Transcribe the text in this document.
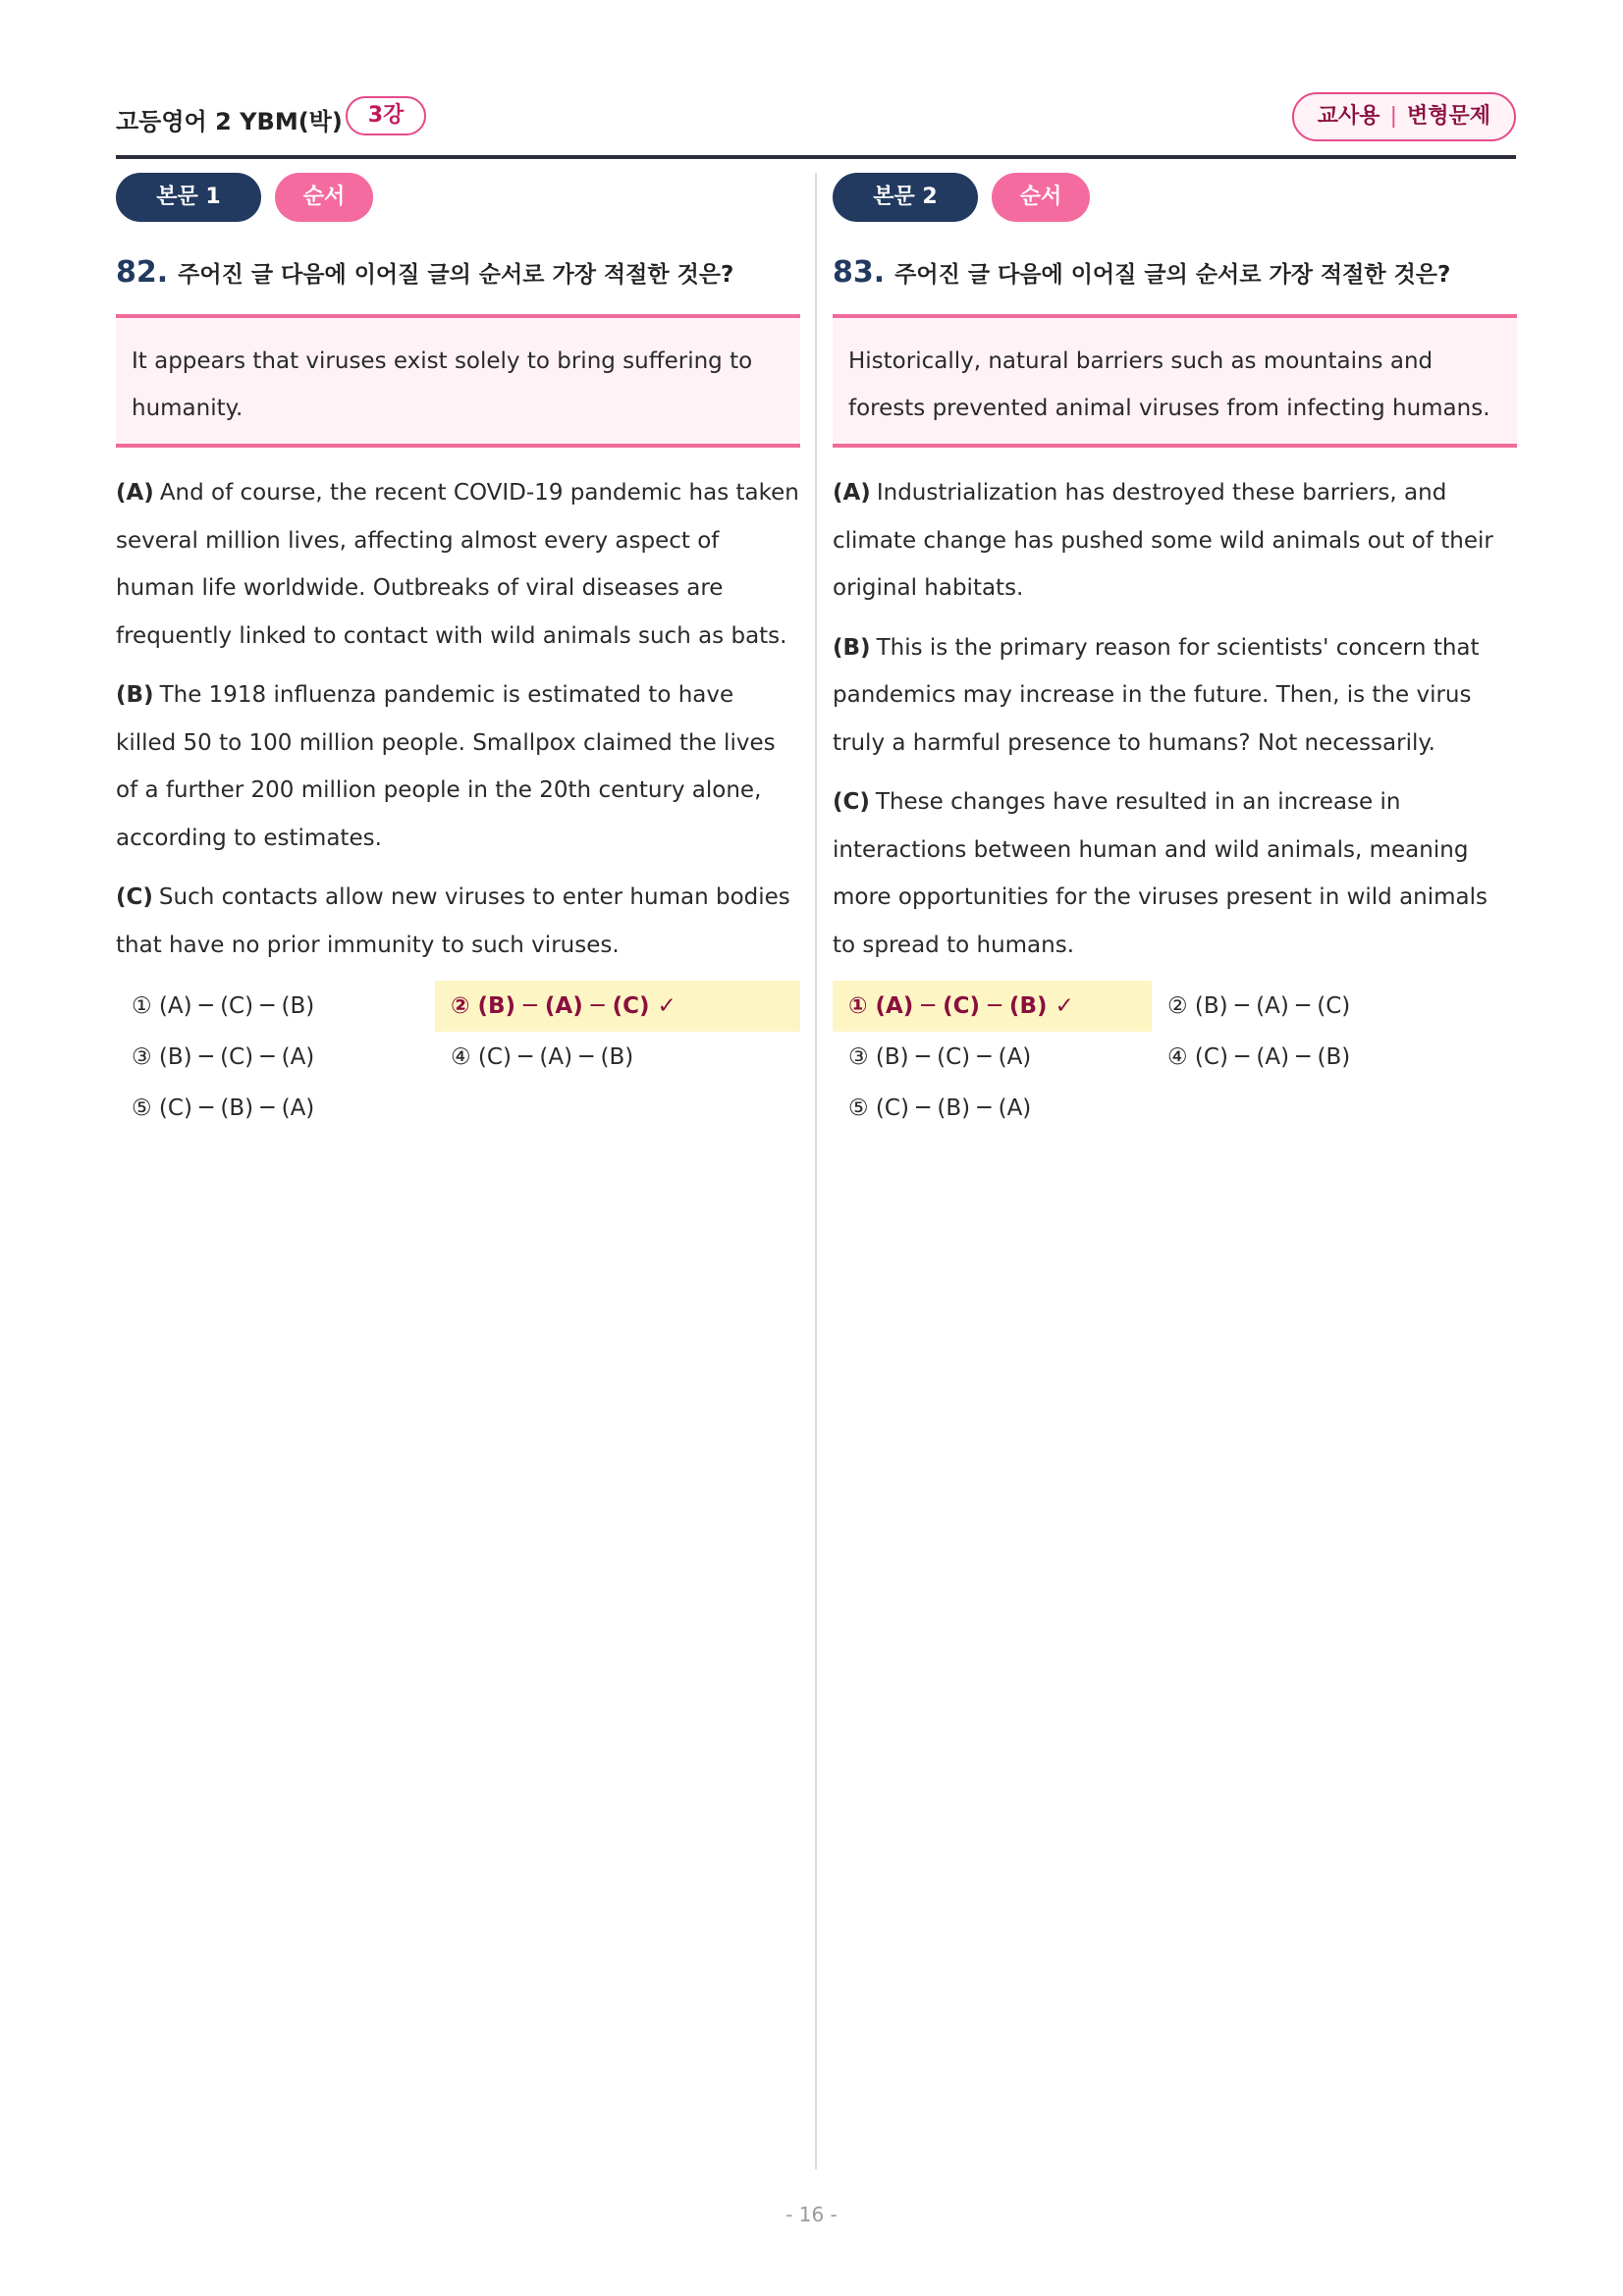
고등영어 2 YBM(박)	3강	교사용 | 변형문제
본문 1	순서
82. 주어진 글 다음에 이어질 글의 순서로 가장 적절한 것은?
It appears that viruses exist solely to bring suffering to humanity.

(A) And of course, the recent COVID-19 pandemic has taken several million lives, affecting almost every aspect of human life worldwide. Outbreaks of viral diseases are frequently linked to contact with wild animals such as bats.

(B) The 1918 influenza pandemic is estimated to have killed 50 to 100 million people. Smallpox claimed the lives of a further 200 million people in the 20th century alone, according to estimates.

(C) Such contacts allow new viruses to enter human bodies that have no prior immunity to such viruses.

① (A) ─ (C) ─ (B)	② (B) ─ (A) ─ (C) ✓
③ (B) ─ (C) ─ (A)	④ (C) ─ (A) ─ (B)
⑤ (C) ─ (B) ─ (A)
본문 2	순서
83. 주어진 글 다음에 이어질 글의 순서로 가장 적절한 것은?
Historically, natural barriers such as mountains and forests prevented animal viruses from infecting humans.

(A) Industrialization has destroyed these barriers, and climate change has pushed some wild animals out of their original habitats.

(B) This is the primary reason for scientists' concern that pandemics may increase in the future. Then, is the virus truly a harmful presence to humans? Not necessarily.

(C) These changes have resulted in an increase in interactions between human and wild animals, meaning more opportunities for the viruses present in wild animals to spread to humans.

① (A) ─ (C) ─ (B) ✓	② (B) ─ (A) ─ (C)
③ (B) ─ (C) ─ (A)	④ (C) ─ (A) ─ (B)
⑤ (C) ─ (B) ─ (A)
- 16 -
